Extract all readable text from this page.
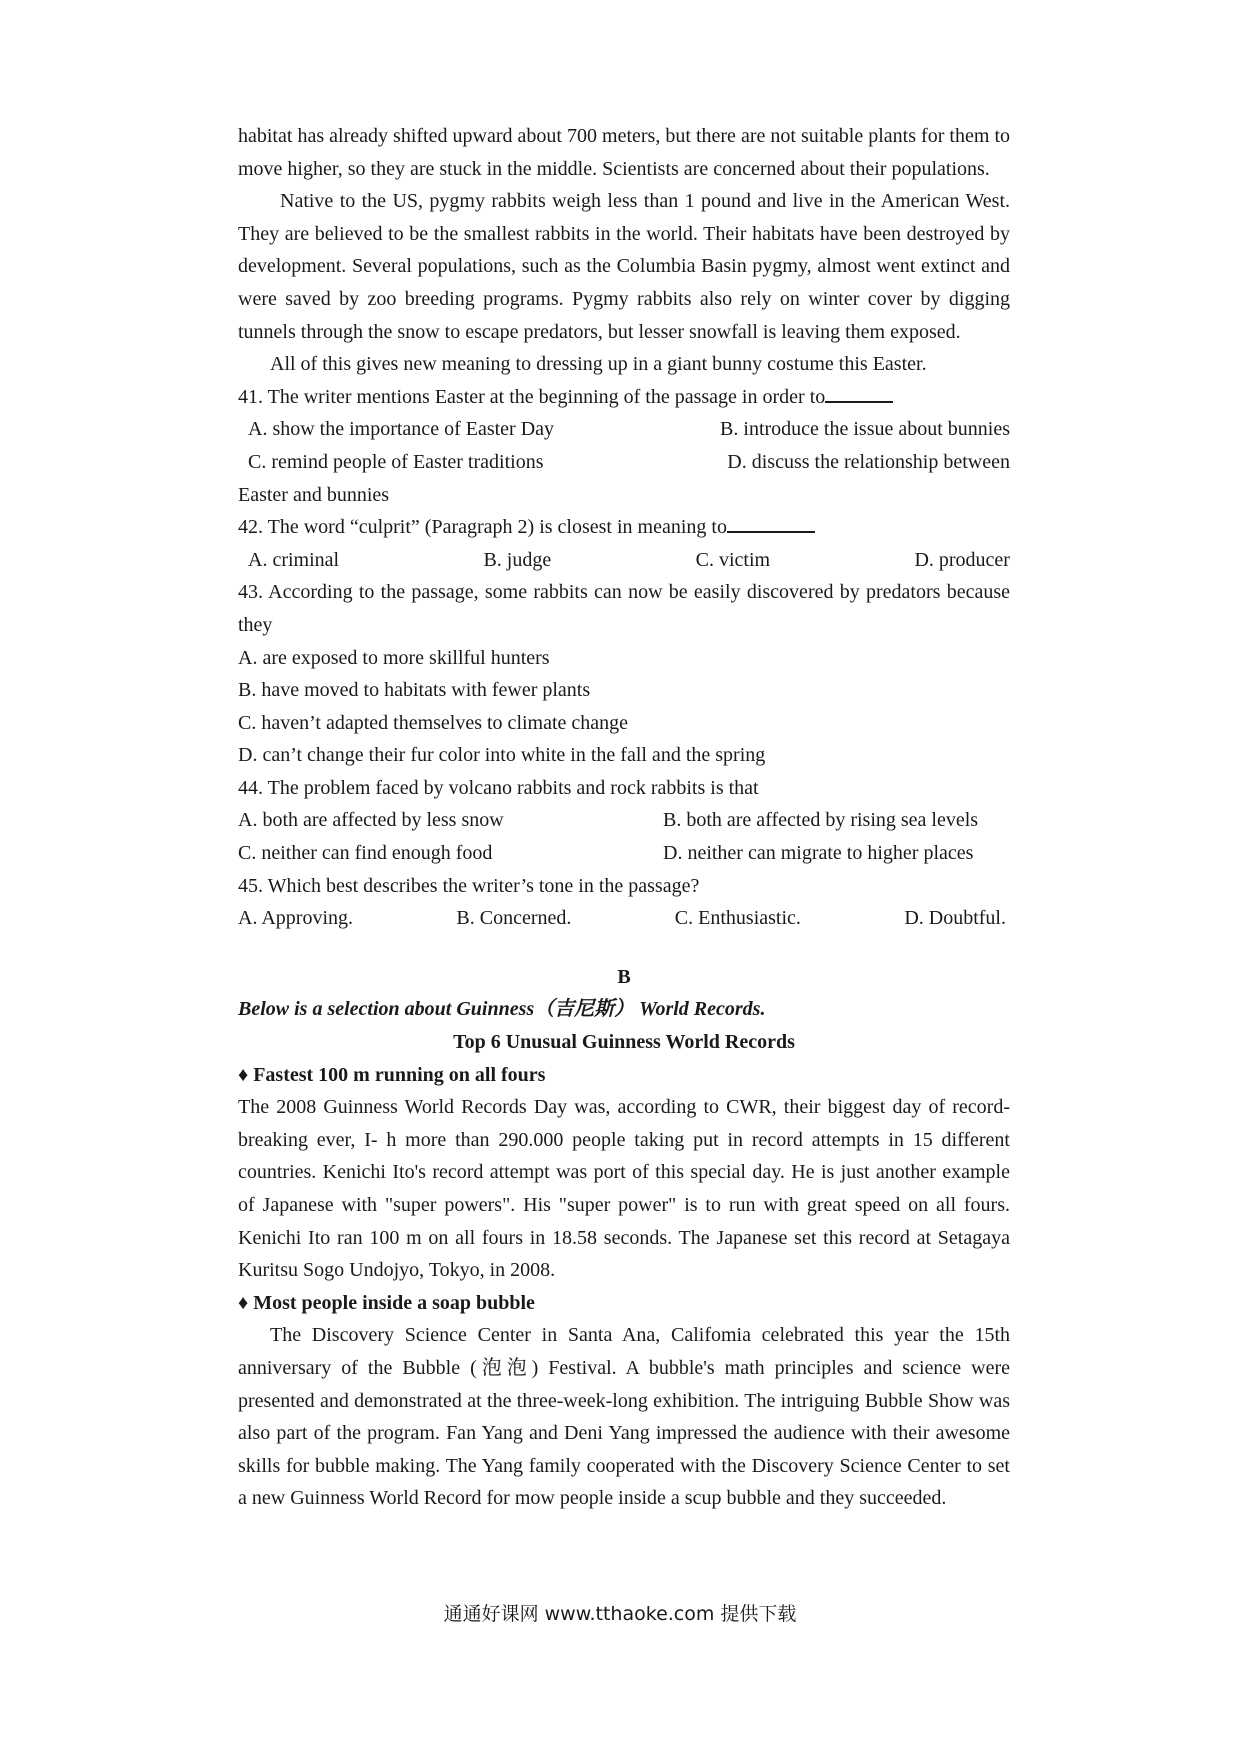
habitat has already shifted upward about 700 meters, but there are not suitable plants for them to move higher, so they are stuck in the middle. Scientists are concerned about their populations.

Native to the US, pygmy rabbits weigh less than 1 pound and live in the American West. They are believed to be the smallest rabbits in the world. Their habitats have been destroyed by development. Several populations, such as the Columbia Basin pygmy, almost went extinct and were saved by zoo breeding programs. Pygmy rabbits also rely on winter cover by digging tunnels through the snow to escape predators, but lesser snowfall is leaving them exposed.

All of this gives new meaning to dressing up in a giant bunny costume this Easter.

41. The writer mentions Easter at the beginning of the passage in order to

A. show the importance of Easter Day	B. introduce the issue about bunnies
C. remind people of Easter traditions	D. discuss the relationship between

Easter and bunnies

42. The word “culprit” (Paragraph 2) is closest in meaning to

A. criminal	B. judge	C. victim	D. producer

43. According to the passage, some rabbits can now be easily discovered by predators because they

A. are exposed to more skillful hunters

B. have moved to habitats with fewer plants

C. haven’t adapted themselves to climate change

D. can’t change their fur color into white in the fall and the spring

44. The problem faced by volcano rabbits and rock rabbits is that

A. both are affected by less snow	B. both are affected by rising sea levels
C. neither can find enough food	D. neither can migrate to higher places

45. Which best describes the writer’s tone in the passage?

A. Approving.	B. Concerned.	C. Enthusiastic.	D. Doubtful.

B

Below is a selection about Guinness（吉尼斯） World Records.

Top 6 Unusual Guinness World Records

♦ Fastest 100 m running on all fours

The 2008 Guinness World Records Day was, according to CWR, their biggest day of record-breaking ever, I- h more than 290.000 people taking put in record attempts in 15 different countries. Kenichi Ito's record attempt was port of this special day. He is just another example of Japanese with "super powers". His "super power" is to run with great speed on all fours. Kenichi Ito ran 100 m on all fours in 18.58 seconds. The Japanese set this record at Setagaya Kuritsu Sogo Undojyo, Tokyo, in 2008.

♦ Most people inside a soap bubble

The Discovery Science Center in Santa Ana, Califomia celebrated this year the 15th anniversary of the Bubble (泡泡) Festival. A bubble's math principles and science were presented and demonstrated at the three-week-long exhibition. The intriguing Bubble Show was also part of the program. Fan Yang and Deni Yang impressed the audience with their awesome skills for bubble making. The Yang family cooperated with the Discovery Science Center to set a new Guinness World Record for mow people inside a scup bubble and they succeeded.

通通好课网 www.tthaoke.com 提供下载
